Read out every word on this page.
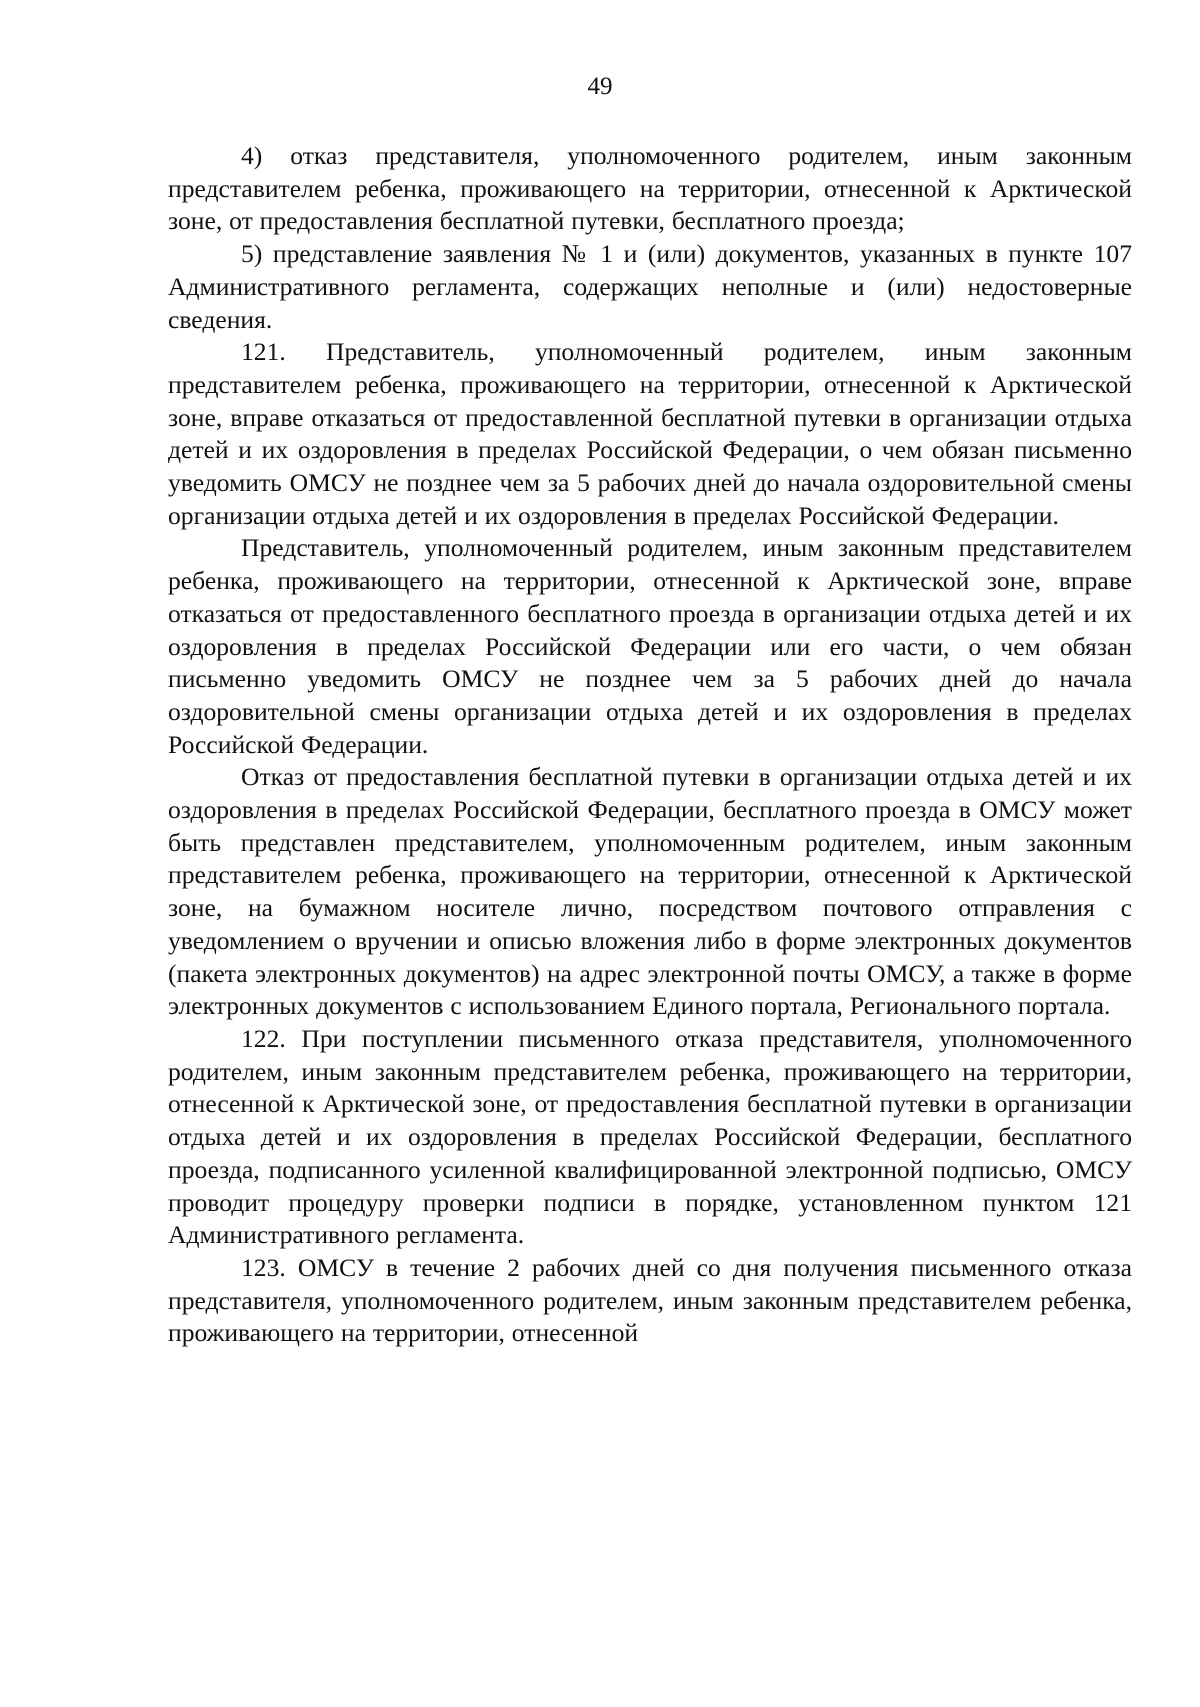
49

4) отказ представителя, уполномоченного родителем, иным законным представителем ребенка, проживающего на территории, отнесенной к Арктической зоне, от предоставления бесплатной путевки, бесплатного проезда;

5) представление заявления № 1 и (или) документов, указанных в пункте 107 Административного регламента, содержащих неполные и (или) недостоверные сведения.

121. Представитель, уполномоченный родителем, иным законным представителем ребенка, проживающего на территории, отнесенной к Арктической зоне, вправе отказаться от предоставленной бесплатной путевки в организации отдыха детей и их оздоровления в пределах Российской Федерации, о чем обязан письменно уведомить ОМСУ не позднее чем за 5 рабочих дней до начала оздоровительной смены организации отдыха детей и их оздоровления в пределах Российской Федерации.

Представитель, уполномоченный родителем, иным законным представителем ребенка, проживающего на территории, отнесенной к Арктической зоне, вправе отказаться от предоставленного бесплатного проезда в организации отдыха детей и их оздоровления в пределах Российской Федерации или его части, о чем обязан письменно уведомить ОМСУ не позднее чем за 5 рабочих дней до начала оздоровительной смены организации отдыха детей и их оздоровления в пределах Российской Федерации.

Отказ от предоставления бесплатной путевки в организации отдыха детей и их оздоровления в пределах Российской Федерации, бесплатного проезда в ОМСУ может быть представлен представителем, уполномоченным родителем, иным законным представителем ребенка, проживающего на территории, отнесенной к Арктической зоне, на бумажном носителе лично, посредством почтового отправления с уведомлением о вручении и описью вложения либо в форме электронных документов (пакета электронных документов) на адрес электронной почты ОМСУ, а также в форме электронных документов с использованием Единого портала, Регионального портала.

122. При поступлении письменного отказа представителя, уполномоченного родителем, иным законным представителем ребенка, проживающего на территории, отнесенной к Арктической зоне, от предоставления бесплатной путевки в организации отдыха детей и их оздоровления в пределах Российской Федерации, бесплатного проезда, подписанного усиленной квалифицированной электронной подписью, ОМСУ проводит процедуру проверки подписи в порядке, установленном пунктом 121 Административного регламента.

123. ОМСУ в течение 2 рабочих дней со дня получения письменного отказа представителя, уполномоченного родителем, иным законным представителем ребенка, проживающего на территории, отнесенной
